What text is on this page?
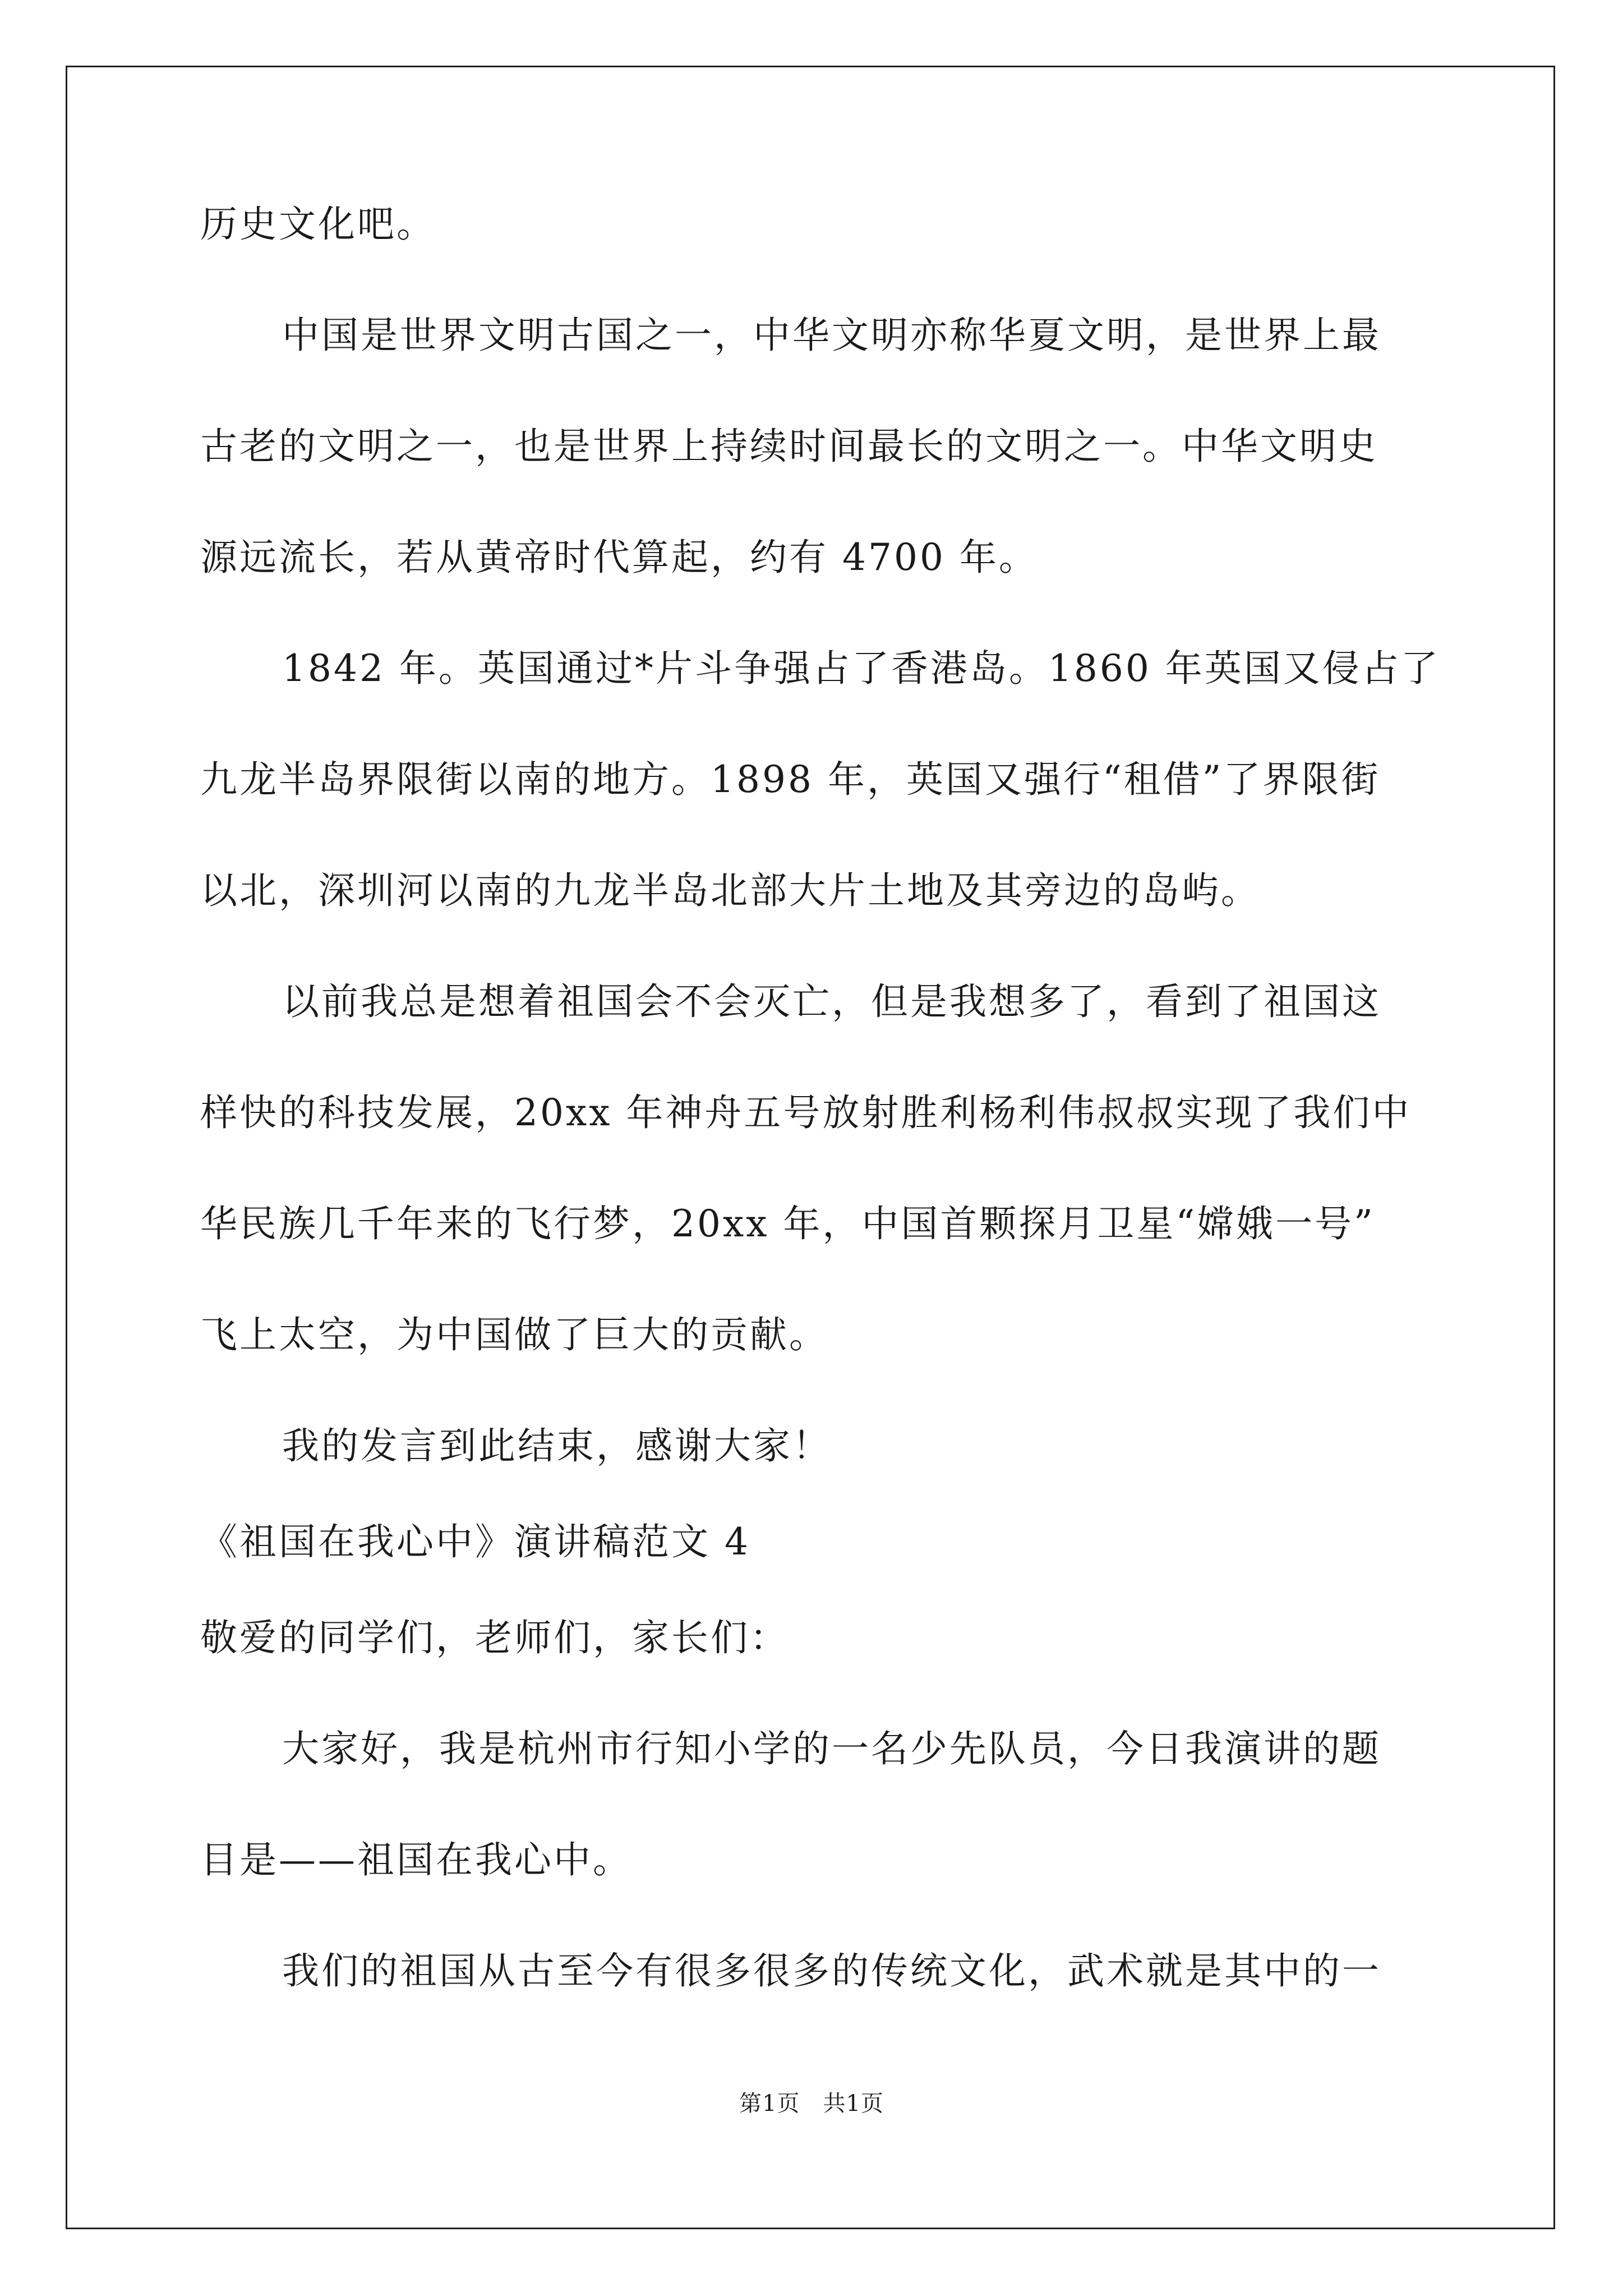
历史文化吧。
中国是世界文明古国之一，中华文明亦称华夏文明，是世界上最
古老的文明之一，也是世界上持续时间最长的文明之一。中华文明史
源远流长，若从黄帝时代算起，约有 4700 年。
1842 年。英国通过*片斗争强占了香港岛。1860 年英国又侵占了
九龙半岛界限街以南的地方。1898 年，英国又强行“租借”了界限街
以北，深圳河以南的九龙半岛北部大片土地及其旁边的岛屿。
以前我总是想着祖国会不会灭亡，但是我想多了，看到了祖国这
样快的科技发展，20xx 年神舟五号放射胜利杨利伟叔叔实现了我们中
华民族几千年来的飞行梦，20xx 年，中国首颗探月卫星“嫦娥一号”
飞上太空，为中国做了巨大的贡献。
我的发言到此结束，感谢大家！
《祖国在我心中》演讲稿范文 4
敬爱的同学们，老师们，家长们：
大家好，我是杭州市行知小学的一名少先队员，今日我演讲的题
目是——祖国在我心中。
我们的祖国从古至今有很多很多的传统文化，武术就是其中的一
第1页　共1页
